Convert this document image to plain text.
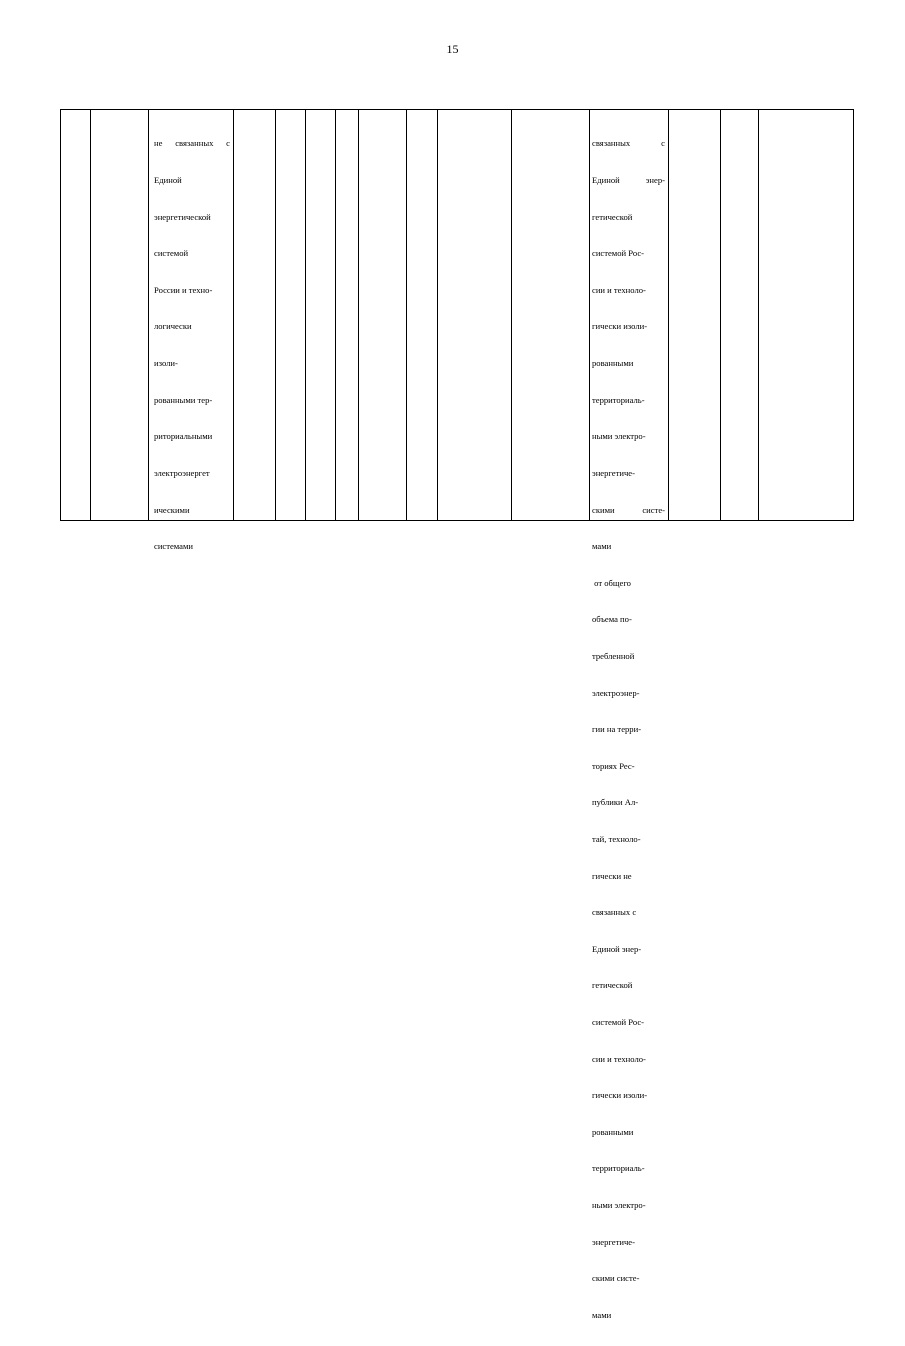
15

не связанных с

Единой

энергетической

системой

России и техно-

логически

изоли-

рованными тер-

риториальными

электроэнергет

ическими

системами

связанных с

Единой энер-

гетической

системой Рос-

сии и техноло-

гически изоли-

рованными

территориаль-

ными электро-

энергетиче-

скими систе-

мами

от общего

объема по-

требленной

электроэнер-

гии на терри-

ториях Рес-

публики Ал-

тай, техноло-

гически не

связанных с

Единой энер-

гетической

системой Рос-

сии и техноло-

гически изоли-

рованными

территориаль-

ными электро-

энергетиче-

скими систе-

мами
